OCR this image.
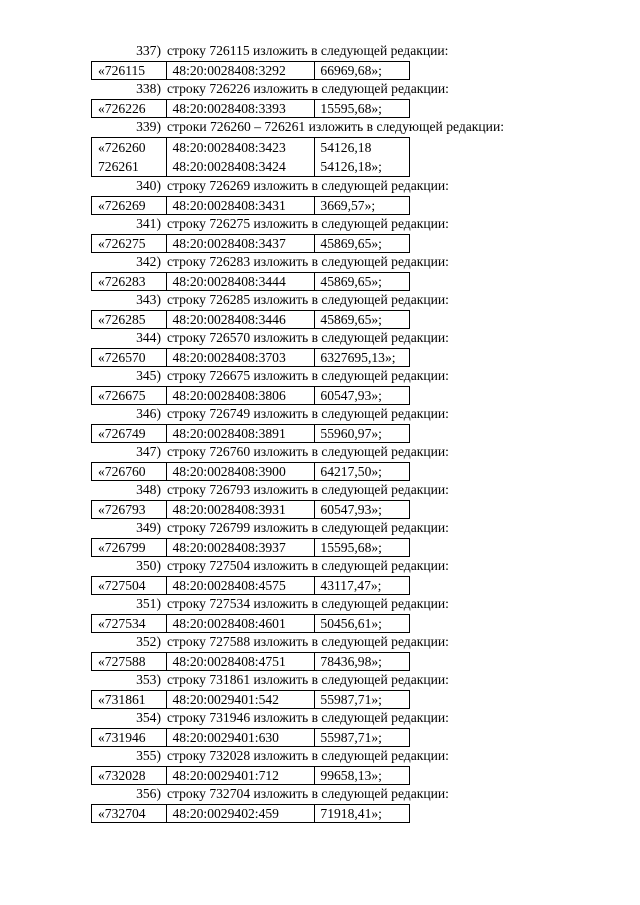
337) строку 726115 изложить в следующей редакции:
«726115	48:20:0028408:3292	66969,68»;
338) строку 726226 изложить в следующей редакции:
«726226	48:20:0028408:3393	15595,68»;
339) строки 726260 – 726261 изложить в следующей редакции:
«726260	48:20:0028408:3423	54126,18
726261	48:20:0028408:3424	54126,18»;
340) строку 726269 изложить в следующей редакции:
«726269	48:20:0028408:3431	3669,57»;
341) строку 726275 изложить в следующей редакции:
«726275	48:20:0028408:3437	45869,65»;
342) строку 726283 изложить в следующей редакции:
«726283	48:20:0028408:3444	45869,65»;
343) строку 726285 изложить в следующей редакции:
«726285	48:20:0028408:3446	45869,65»;
344) строку 726570 изложить в следующей редакции:
«726570	48:20:0028408:3703	6327695,13»;
345) строку 726675 изложить в следующей редакции:
«726675	48:20:0028408:3806	60547,93»;
346) строку 726749 изложить в следующей редакции:
«726749	48:20:0028408:3891	55960,97»;
347) строку 726760 изложить в следующей редакции:
«726760	48:20:0028408:3900	64217,50»;
348) строку 726793 изложить в следующей редакции:
«726793	48:20:0028408:3931	60547,93»;
349) строку 726799 изложить в следующей редакции:
«726799	48:20:0028408:3937	15595,68»;
350) строку 727504 изложить в следующей редакции:
«727504	48:20:0028408:4575	43117,47»;
351) строку 727534 изложить в следующей редакции:
«727534	48:20:0028408:4601	50456,61»;
352) строку 727588 изложить в следующей редакции:
«727588	48:20:0028408:4751	78436,98»;
353) строку 731861 изложить в следующей редакции:
«731861	48:20:0029401:542	55987,71»;
354) строку 731946 изложить в следующей редакции:
«731946	48:20:0029401:630	55987,71»;
355) строку 732028 изложить в следующей редакции:
«732028	48:20:0029401:712	99658,13»;
356) строку 732704 изложить в следующей редакции:
«732704	48:20:0029402:459	71918,41»;
